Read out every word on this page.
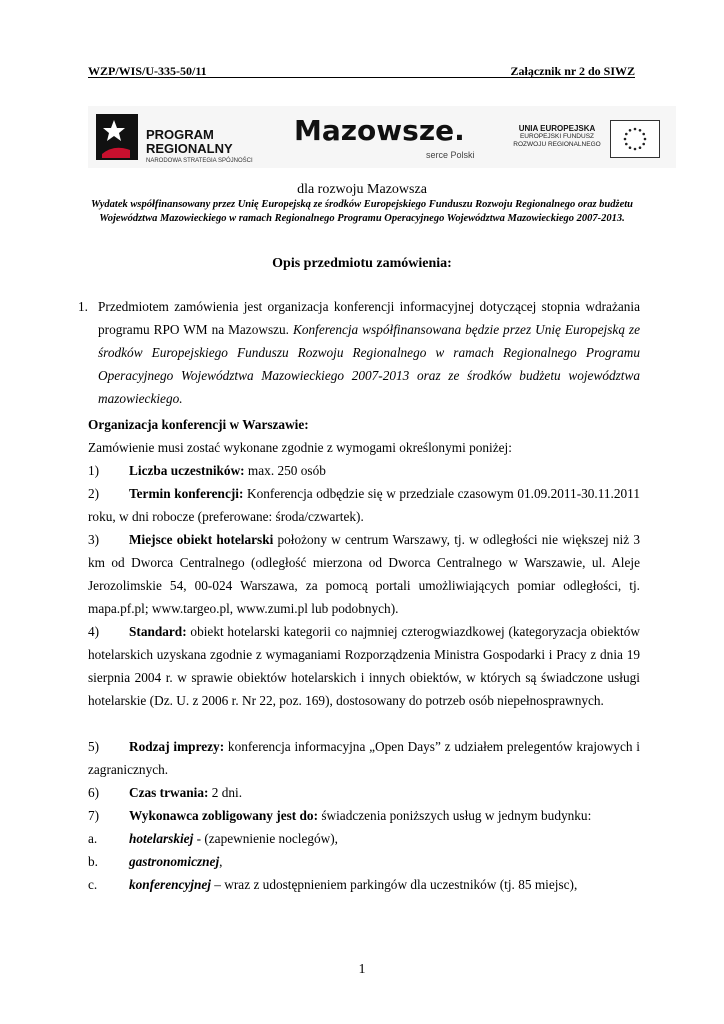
WZP/WIS/U-335-50/11	Załącznik nr 2 do SIWZ
PROGRAM
REGIONALNY
NARODOWA STRATEGIA SPÓJNOŚCI
Mazowsze.
serce Polski
UNIA EUROPEJSKA
EUROPEJSKI FUNDUSZ
ROZWOJU REGIONALNEGO
dla rozwoju Mazowsza
Wydatek współfinansowany przez Unię Europejską ze środków Europejskiego Funduszu Rozwoju Regionalnego oraz budżetu Województwa Mazowieckiego w ramach Regionalnego Programu Operacyjnego Województwa Mazowieckiego 2007-2013.
Opis przedmiotu zamówienia:
1. Przedmiotem zamówienia jest organizacja konferencji informacyjnej dotyczącej stopnia wdrażania programu RPO WM na Mazowszu. Konferencja współfinansowana będzie przez Unię Europejską ze środków Europejskiego Funduszu Rozwoju Regionalnego w ramach Regionalnego Programu Operacyjnego Województwa Mazowieckiego 2007-2013 oraz ze środków budżetu województwa mazowieckiego.
Organizacja konferencji w Warszawie:
Zamówienie musi zostać wykonane zgodnie z wymogami określonymi poniżej:
1) Liczba uczestników: max. 250 osób
2) Termin konferencji: Konferencja odbędzie się w przedziale czasowym 01.09.2011-30.11.2011 roku, w dni robocze (preferowane: środa/czwartek).
3) Miejsce obiekt hotelarski położony w centrum Warszawy, tj. w odległości nie większej niż 3 km od Dworca Centralnego (odległość mierzona od Dworca Centralnego w Warszawie, ul. Aleje Jerozolimskie 54, 00-024 Warszawa, za pomocą portali umożliwiających pomiar odległości, tj. mapa.pf.pl; www.targeo.pl, www.zumi.pl lub podobnych).
4) Standard: obiekt hotelarski kategorii co najmniej czterogwiazdkowej (kategoryzacja obiektów hotelarskich uzyskana zgodnie z wymaganiami Rozporządzenia Ministra Gospodarki i Pracy z dnia 19 sierpnia 2004 r. w sprawie obiektów hotelarskich i innych obiektów, w których są świadczone usługi hotelarskie (Dz. U. z 2006 r. Nr 22, poz. 169), dostosowany do potrzeb osób niepełnosprawnych.
5) Rodzaj imprezy: konferencja informacyjna „Open Days” z udziałem prelegentów krajowych i zagranicznych.
6) Czas trwania: 2 dni.
7) Wykonawca zobligowany jest do: świadczenia poniższych usług w jednym budynku:
a. hotelarskiej - (zapewnienie noclegów),
b. gastronomicznej,
c. konferencyjnej – wraz z udostępnieniem parkingów dla uczestników (tj. 85 miejsc),
1
